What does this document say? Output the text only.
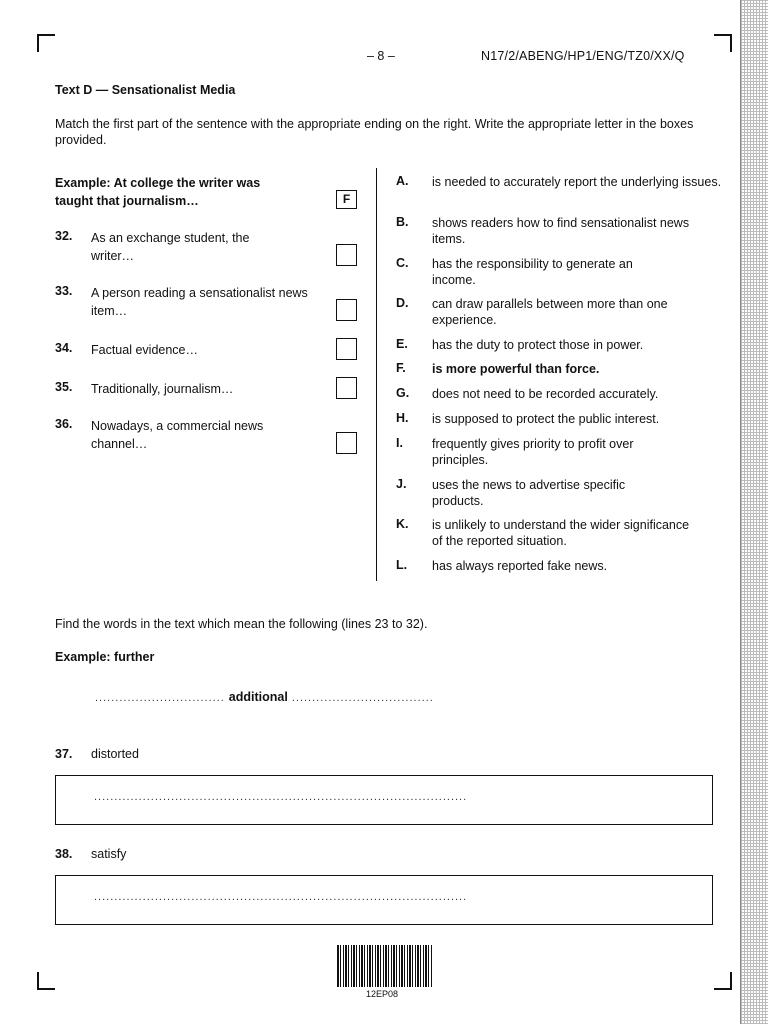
– 8 –	N17/2/ABENG/HP1/ENG/TZ0/XX/Q
Text D — Sensationalist Media
Match the first part of the sentence with the appropriate ending on the right. Write the appropriate letter in the boxes provided.
Example: At college the writer was
taught that journalism…	F
32. As an exchange student, the writer…
33. A person reading a sensationalist news item…
34. Factual evidence…
35. Traditionally, journalism…
36. Nowadays, a commercial news channel…
A. is needed to accurately report the underlying issues.
B. shows readers how to find sensationalist news items.
C. has the responsibility to generate an income.
D. can draw parallels between more than one experience.
E. has the duty to protect those in power.
F. is more powerful than force.
G. does not need to be recorded accurately.
H. is supposed to protect the public interest.
I. frequently gives priority to profit over principles.
J. uses the news to advertise specific products.
K. is unlikely to understand the wider significance of the reported situation.
L. has always reported fake news.
Find the words in the text which mean the following (lines 23 to 32).
Example: further
................................ additional ...................................
37. distorted
............................................................................................
38. satisfy
............................................................................................
12EP08
